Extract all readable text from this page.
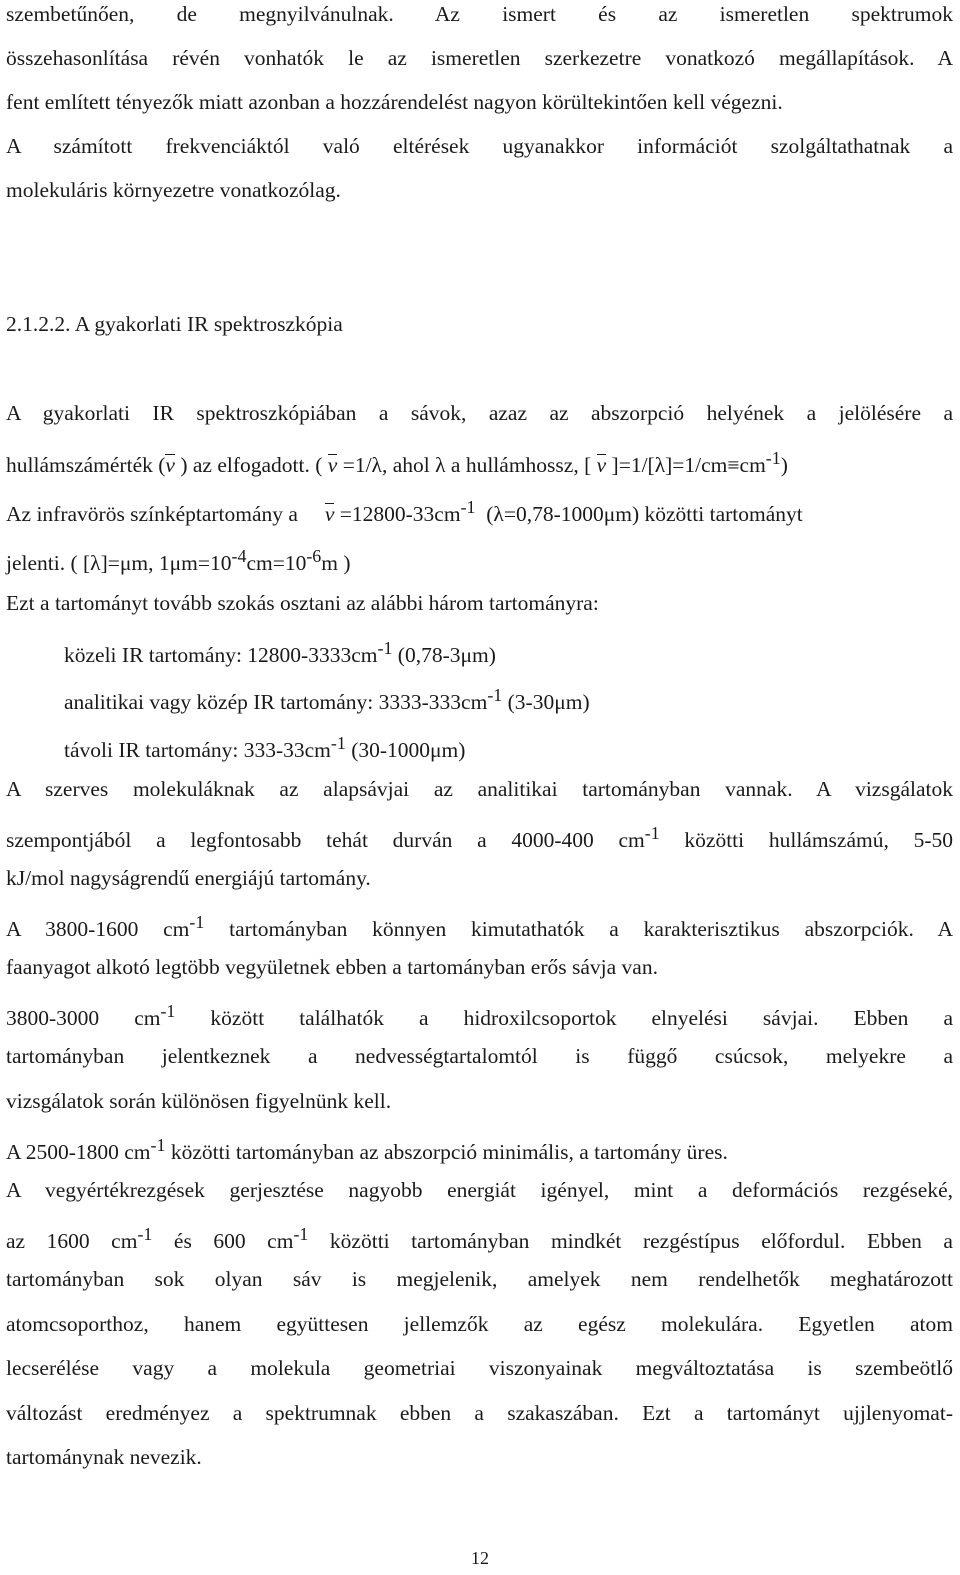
szembetűnően, de megnyilvánulnak. Az ismert és az ismeretlen spektrumok
összehasonlítása révén vonhatók le az ismeretlen szerkezetre vonatkozó megállapítások. A
fent említett tényezők miatt azonban a hozzárendelést nagyon körültekintően kell végezni.
A számított frekvenciáktól való eltérések ugyanakkor információt szolgáltathatnak a
molekuláris környezetre vonatkozólag.
2.1.2.2. A gyakorlati IR spektroszkópia
A gyakorlati IR spektroszkópiában a sávok, azaz az abszorpció helyének a jelölésére a
hullámszámérték (ν ) az elfogadott. ( ν =1/λ, ahol λ a hullámhossz, [ ν ]$=1/[\lambda]=1/cm\equiv cm^{-1}$)
Az infravörös színképtartomány a $\nu =12800-33cm^{-1}$ (λ=0,78-1000μm) közötti tartományt
jelenti. ( [λ]=μm, $1\mu m=10^{-4}cm=10^{-6}m$ )
Ezt a tartományt tovább szokás osztani az alábbi három tartományra:
közeli IR tartomány: $12800-3333cm^{-1}$ (0,78-3μm)
analitikai vagy közép IR tartomány: $3333-333cm^{-1}$ (3-30μm)
távoli IR tartomány: $333-33cm^{-1}$ (30-1000μm)
A szerves molekuláknak az alapsávjai az analitikai tartományban vannak. A vizsgálatok
szempontjából a legfontosabb tehát durván a 4000-400 $cm^{-1}$ közötti hullámszámú, 5-50
kJ/mol nagyságrendű energiájú tartomány.
A 3800-1600 $cm^{-1}$ tartományban könnyen kimutathatók a karakterisztikus abszorpciók. A
faanyagot alkotó legtöbb vegyületnek ebben a tartományban erős sávja van.
3800-3000 $cm^{-1}$ között találhatók a hidroxilcsoportok elnyelési sávjai. Ebben a
tartományban jelentkeznek a nedvességtartalomtól is függő csúcsok, melyekre a
vizsgálatok során különösen figyelnünk kell.
A 2500-1800 $cm^{-1}$ közötti tartományban az abszorpció minimális, a tartomány üres.
A vegyértékrezgések gerjesztése nagyobb energiát igényel, mint a deformációs rezgéseké,
az 1600 $cm^{-1}$ és 600 $cm^{-1}$ közötti tartományban mindkét rezgéstípus előfordul. Ebben a
tartományban sok olyan sáv is megjelenik, amelyek nem rendelhetők meghatározott
atomcsoporthoz, hanem együttesen jellemzők az egész molekulára. Egyetlen atom
lecserélése vagy a molekula geometriai viszonyainak megváltoztatása is szembeötlő
változást eredményez a spektrumnak ebben a szakaszában. Ezt a tartományt ujjlenyomat-
tartománynak nevezik.
12
